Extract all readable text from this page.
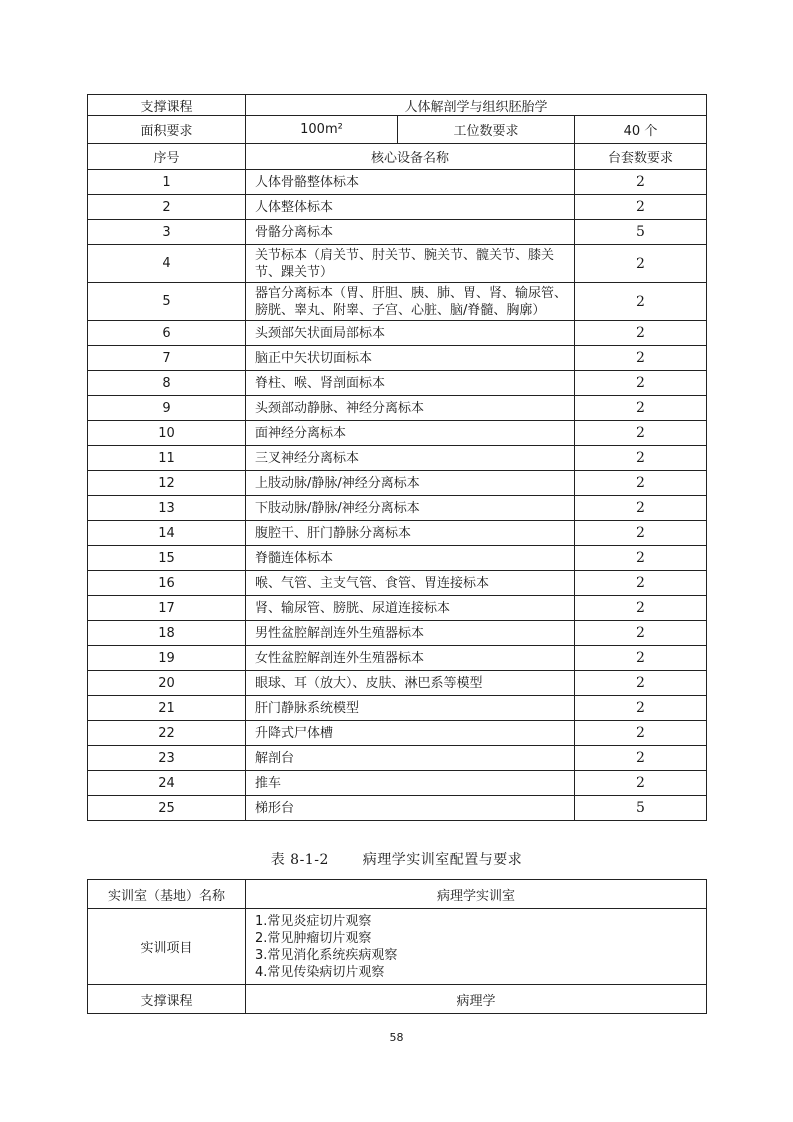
支撑课程	人体解剖学与组织胚胎学		
面积要求	100m²	工位数要求	40 个
序号	核心设备名称		台套数要求
1	人体骨骼整体标本		2
2	人体整体标本		2
3	骨骼分离标本		5
4	关节标本（肩关节、肘关节、腕关节、髋关节、膝关节、踝关节）		2
5	器官分离标本（胃、肝胆、胰、肺、胃、肾、输尿管、膀胱、睾丸、附睾、子宫、心脏、脑/脊髓、胸廓）		2
6	头颈部矢状面局部标本		2
7	脑正中矢状切面标本		2
8	脊柱、喉、肾剖面标本		2
9	头颈部动静脉、神经分离标本		2
10	面神经分离标本		2
11	三叉神经分离标本		2
12	上肢动脉/静脉/神经分离标本		2
13	下肢动脉/静脉/神经分离标本		2
14	腹腔干、肝门静脉分离标本		2
15	脊髓连体标本		2
16	喉、气管、主支气管、食管、胃连接标本		2
17	肾、输尿管、膀胱、尿道连接标本		2
18	男性盆腔解剖连外生殖器标本		2
19	女性盆腔解剖连外生殖器标本		2
20	眼球、耳（放大）、皮肤、淋巴系等模型		2
21	肝门静脉系统模型		2
22	升降式尸体槽		2
23	解剖台		2
24	推车		2
25	梯形台		5
表 8-1-2 病理学实训室配置与要求
实训室（基地）名称	病理学实训室
实训项目	1.常见炎症切片观察
2.常见肿瘤切片观察
3.常见消化系统疾病观察
4.常见传染病切片观察

支撑课程	病理学
58
